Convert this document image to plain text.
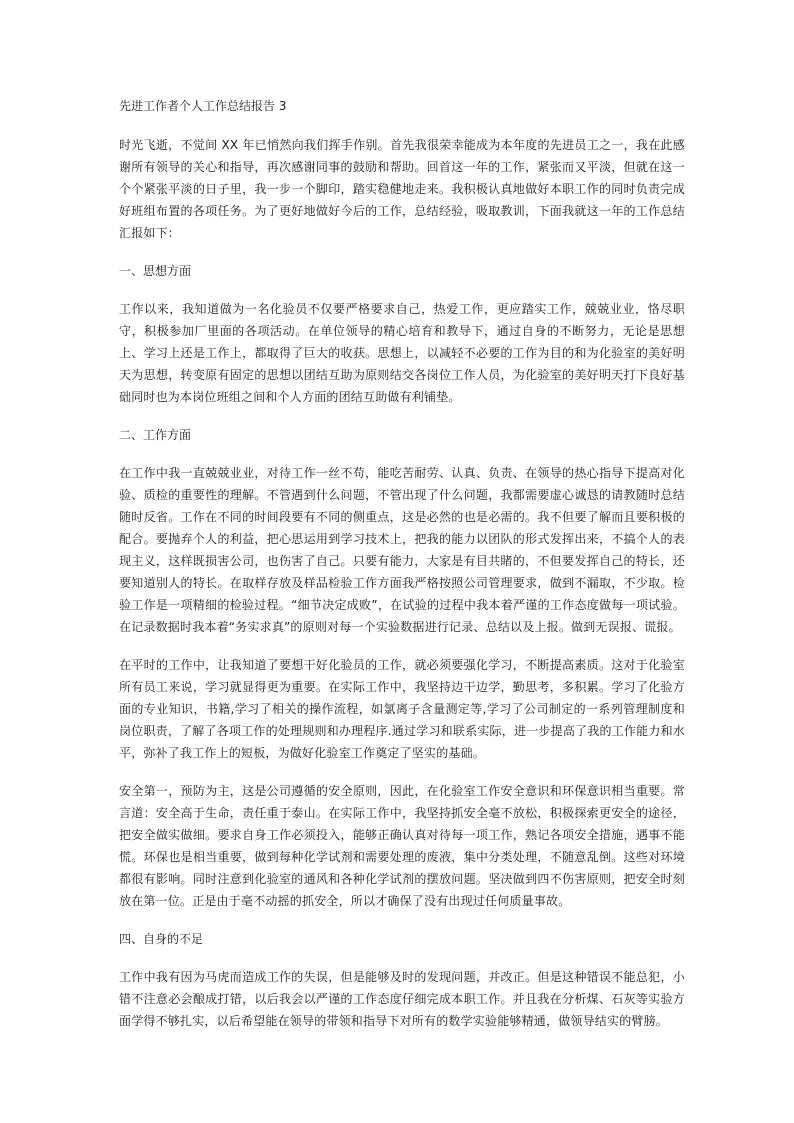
先进工作者个人工作总结报告 3

时光飞逝，不觉间 XX 年已悄然向我们挥手作别。首先我很荣幸能成为本年度的先进员工之一，我在此感谢所有领导的关心和指导，再次感谢同事的鼓励和帮助。回首这一年的工作，紧张而又平淡，但就在这一个个紧张平淡的日子里，我一步一个脚印，踏实稳健地走来。我积极认真地做好本职工作的同时负责完成好班组布置的各项任务。为了更好地做好今后的工作，总结经验，吸取教训，下面我就这一年的工作总结汇报如下：

一、思想方面

工作以来，我知道做为一名化验员不仅要严格要求自己，热爱工作，更应踏实工作，兢兢业业，恪尽职守，积极参加厂里面的各项活动。在单位领导的精心培育和教导下，通过自身的不断努力，无论是思想上、学习上还是工作上，都取得了巨大的收获。思想上，以减轻不必要的工作为目的和为化验室的美好明天为思想，转变原有固定的思想以团结互助为原则结交各岗位工作人员，为化验室的美好明天打下良好基础同时也为本岗位班组之间和个人方面的团结互助做有利铺垫。

二、工作方面

在工作中我一直兢兢业业，对待工作一丝不苟，能吃苦耐劳、认真、负责、在领导的热心指导下提高对化验、质检的重要性的理解。不管遇到什么问题，不管出现了什么问题，我都需要虚心诚恳的请教随时总结随时反省。工作在不同的时间段要有不同的侧重点，这是必然的也是必需的。我不但要了解而且要积极的配合。要抛弃个人的利益，把心思运用到学习技术上，把我的能力以团队的形式发挥出来，不搞个人的表现主义，这样既损害公司，也伤害了自己。只要有能力，大家是有目共睹的，不但要发挥自己的特长，还要知道别人的特长。在取样存放及样品检验工作方面我严格按照公司管理要求，做到不漏取，不少取。检验工作是一项精细的检验过程。“细节决定成败”，在试验的过程中我本着严谨的工作态度做每一项试验。在记录数据时我本着“务实求真”的原则对每一个实验数据进行记录、总结以及上报。做到无误报、谎报。

在平时的工作中，让我知道了要想干好化验员的工作，就必须要强化学习，不断提高素质。这对于化验室所有员工来说，学习就显得更为重要。在实际工作中，我坚持边干边学，勤思考，多积累。学习了化验方面的专业知识，书籍,学习了相关的操作流程，如氯离子含量测定等,学习了公司制定的一系列管理制度和岗位职责，了解了各项工作的处理规则和办理程序.通过学习和联系实际，进一步提高了我的工作能力和水平，弥补了我工作上的短板，为做好化验室工作奠定了坚实的基础。

安全第一，预防为主，这是公司遵循的安全原则，因此，在化验室工作安全意识和环保意识相当重要。常言道：安全高于生命，责任重于泰山。在实际工作中，我坚持抓安全毫不放松，积极探索更安全的途径，把安全做实做细。要求自身工作必须投入，能够正确认真对待每一项工作，熟记各项安全措施，遇事不能慌。环保也是相当重要，做到每种化学试剂和需要处理的废液，集中分类处理，不随意乱倒。这些对环境都很有影响。同时注意到化验室的通风和各种化学试剂的摆放问题。坚决做到四不伤害原则，把安全时刻放在第一位。正是由于毫不动摇的抓安全，所以才确保了没有出现过任何质量事故。

四、自身的不足

工作中我有因为马虎而造成工作的失误，但是能够及时的发现问题，并改正。但是这种错误不能总犯，小错不注意必会酿成打错，以后我会以严谨的工作态度仔细完成本职工作。并且我在分析煤、石灰等实验方面学得不够扎实，以后希望能在领导的带领和指导下对所有的数学实验能够精通，做领导结实的臂膀。
